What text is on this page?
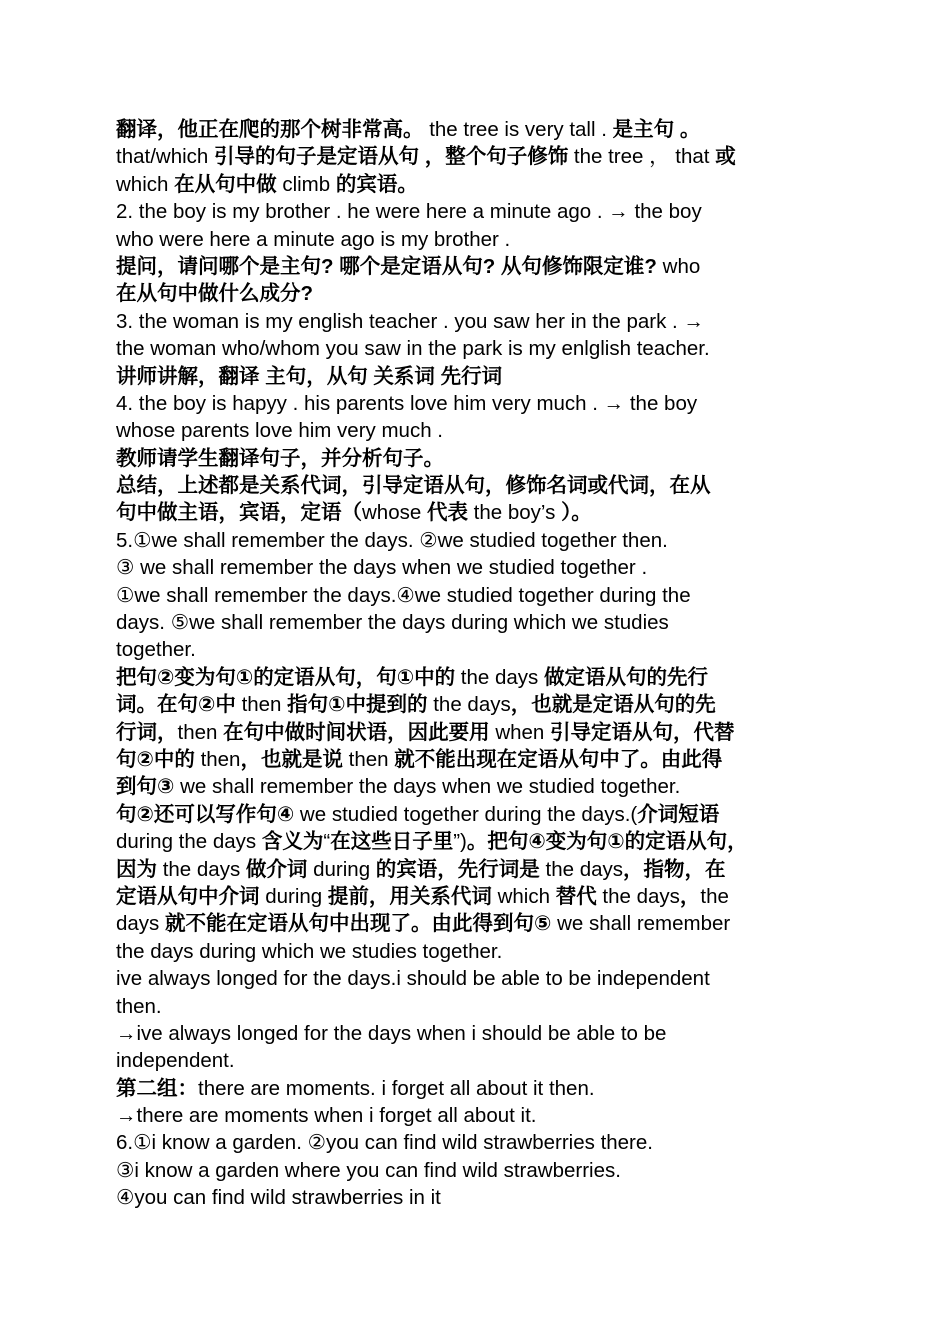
翻译，他正在爬的那个树非常高。 the tree is very tall . 是主句 。
that/which 引导的句子是定语从句 ，整个句子修饰 the tree ， that 或
which 在从句中做 climb 的宾语。
2. the boy is my brother . he were here a minute ago . → the boy
who were here a minute ago is my brother .
提问，请问哪个是主句? 哪个是定语从句? 从句修饰限定谁? who
在从句中做什么成分?
3. the woman is my english teacher . you saw her in the park . →
the woman who/whom you saw in the park is my enlglish teacher.
讲师讲解，翻译 主句，从句 关系词 先行词
4. the boy is hapyy . his parents love him very much . → the boy
whose parents love him very much .
教师请学生翻译句子，并分析句子。
总结，上述都是关系代词，引导定语从句，修饰名词或代词，在从
句中做主语，宾语，定语（whose 代表 the boy’s ）。
5.①we shall remember the days. ②we studied together then.
③ we shall remember the days when we studied together .
①we shall remember the days.④we studied together during the
days. ⑤we shall remember the days during which we studies
together.
把句②变为句①的定语从句，句①中的 the days 做定语从句的先行
词。在句②中 then 指句①中提到的 the days，也就是定语从句的先
行词，then 在句中做时间状语，因此要用 when 引导定语从句，代替
句②中的 then，也就是说 then 就不能出现在定语从句中了。由此得
到句③ we shall remember the days when we studied together.
句②还可以写作句④ we studied together during the days.(介词短语
during the days 含义为“在这些日子里”)。把句④变为句①的定语从句，
因为 the days 做介词 during 的宾语，先行词是 the days，指物，在
定语从句中介词 during 提前，用关系代词 which 替代 the days，the
days 就不能在定语从句中出现了。由此得到句⑤ we shall remember
the days during which we studies together.
ive always longed for the days.i should be able to be independent
then.
→ive always longed for the days when i should be able to be
independent.
第二组：there are moments. i forget all about it then.
→there are moments when i forget all about it.
6.①i know a garden. ②you can find wild strawberries there.
③i know a garden where you can find wild strawberries.
④you can find wild strawberries in it
